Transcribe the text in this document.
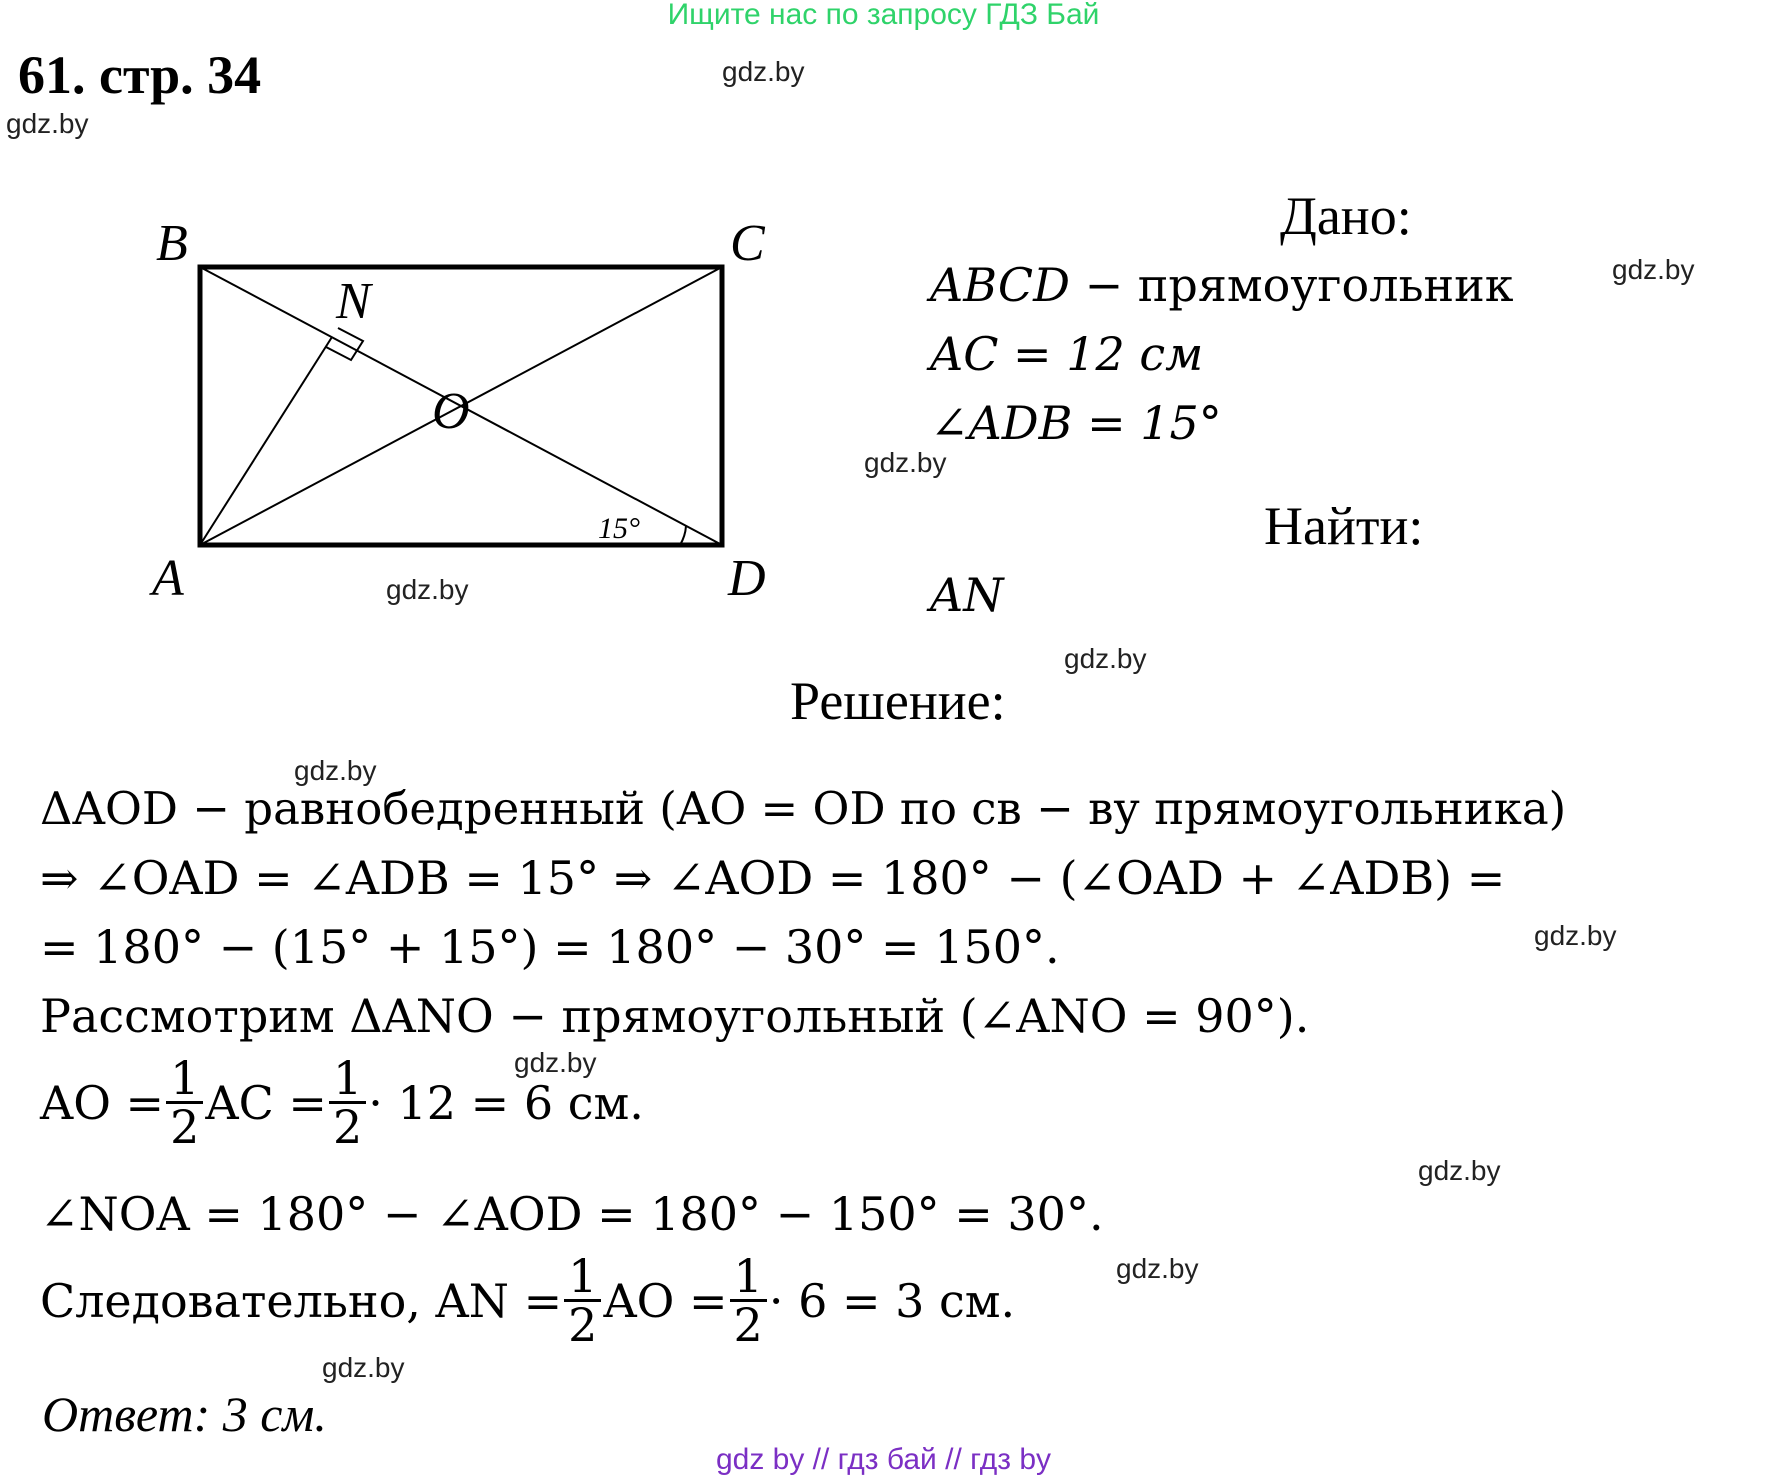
Ищите нас по запросу ГДЗ Бай
61. стр. 34	gdz.by
gdz.by
gdz.by
gdz.by
gdz.by
gdz.by
gdz.by
gdz.by
gdz.by
gdz.by
gdz.by
gdz.by
B	C
A	D
N
O
15°
Дано:
ABCD − прямоугольник
AC = 12 см
∠ADB = 15°
Найти:
AN
Решение:
ΔAOD − равнобедренный (AO = OD по св − ву прямоугольника)
⇒ ∠OAD = ∠ADB = 15° ⇒ ∠AOD = 180° − (∠OAD + ∠ADB) =
= 180° − (15° + 15°) = 180° − 30° = 150°.
Рассмотрим ΔANO − прямоугольный (∠ANO = 90°).
AO = $\frac{1}{2}$ AC = $\frac{1}{2} \cdot 12 = 6$ см.
∠NOA = 180° − ∠AOD = 180° − 150° = 30°.
Следовательно, AN = $\frac{1}{2}$ AO = $\frac{1}{2} \cdot 6 = 3$ см.
Ответ: 3 см.
gdz by // гдз бай // гдз by
